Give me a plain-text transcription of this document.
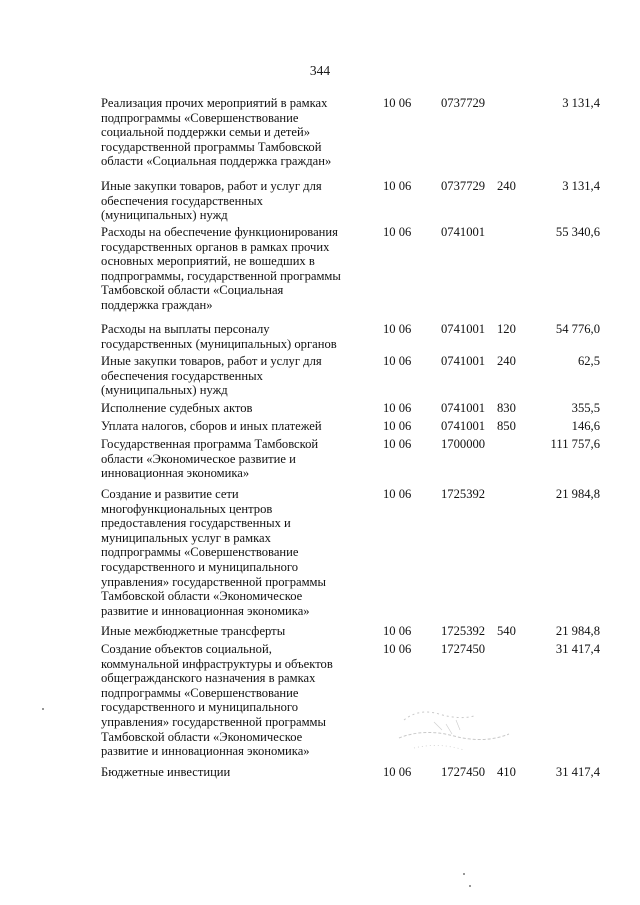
344
Реализация прочих мероприятий в рамках
подпрограммы «Совершенствование
социальной поддержки семьи и детей»
государственной программы Тамбовской
области «Социальная поддержка граждан»
10 06 0737729	3 131,4
Иные закупки товаров, работ и услуг для
обеспечения государственных
(муниципальных) нужд
10 06 0737729 240	3 131,4
Расходы на обеспечение функционирования
государственных органов в рамках прочих
основных мероприятий, не вошедших в
подпрограммы, государственной программы
Тамбовской области «Социальная
поддержка граждан»
10 06 0741001	55 340,6
Расходы на выплаты персоналу
государственных (муниципальных) органов
10 06 0741001 120	54 776,0
Иные закупки товаров, работ и услуг для
обеспечения государственных
(муниципальных) нужд
10 06 0741001 240	62,5
Исполнение судебных актов	10 06 0741001 830	355,5
Уплата налогов, сборов и иных платежей	10 06 0741001 850	146,6
Государственная программа Тамбовской
области «Экономическое развитие и
инновационная экономика»
10 06 1700000	111 757,6
Создание и развитие сети
многофункциональных центров
предоставления государственных и
муниципальных услуг в рамках
подпрограммы «Совершенствование
государственного и муниципального
управления» государственной программы
Тамбовской области «Экономическое
развитие и инновационная экономика»
10 06 1725392	21 984,8
Иные межбюджетные трансферты	10 06 1725392 540	21 984,8
Создание объектов социальной,
коммунальной инфраструктуры и объектов
общегражданского назначения в рамках
подпрограммы «Совершенствование
государственного и муниципального
управления» государственной программы
Тамбовской области «Экономическое
развитие и инновационная экономика»
10 06 1727450	31 417,4
Бюджетные инвестиции	10 06 1727450 410	31 417,4
